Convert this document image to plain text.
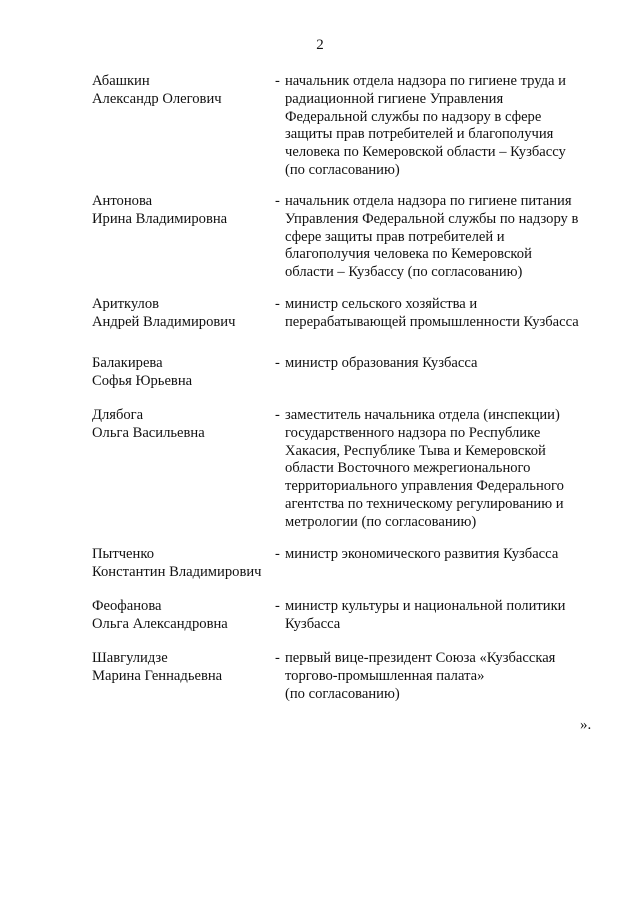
2
Абашкин
Александр Олегович
- начальник отдела надзора по гигиене труда и
радиационной гигиене Управления
Федеральной службы по надзору в сфере
защиты прав потребителей и благополучия
человека по Кемеровской области – Кузбассу
(по согласованию)
Антонова
Ирина Владимировна
- начальник отдела надзора по гигиене питания
Управления Федеральной службы по надзору в
сфере защиты прав потребителей и
благополучия человека по Кемеровской
области – Кузбассу (по согласованию)
Ариткулов
Андрей Владимирович
- министр сельского хозяйства и
перерабатывающей промышленности Кузбасса
Балакирева
Софья Юрьевна
- министр образования Кузбасса
Длябога
Ольга Васильевна
- заместитель начальника отдела (инспекции)
государственного надзора по Республике
Хакасия, Республике Тыва и Кемеровской
области Восточного межрегионального
территориального управления Федерального
агентства по техническому регулированию и
метрологии (по согласованию)
Пытченко
Константин Владимирович
- министр экономического развития Кузбасса
Феофанова
Ольга Александровна
- министр культуры и национальной политики
Кузбасса
Шавгулидзе
Марина Геннадьевна
- первый вице-президент Союза «Кузбасская
торгово-промышленная палата»
(по согласованию)
».
